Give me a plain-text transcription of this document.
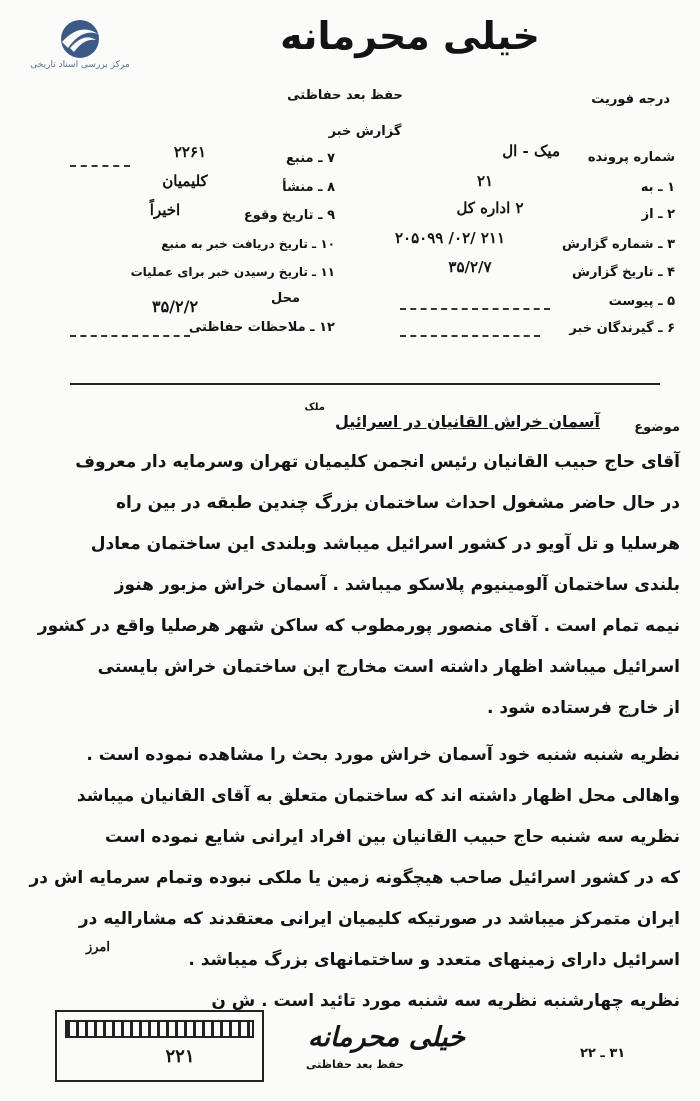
مرکز بررسی اسناد تاریخی
خیلی محرمانه
درجه فوریت
حفظ بعد حفاظتی
گزارش خبر
شماره پرونده
میک - ال
۱ ـ به
۲۱
۲ ـ از
۲ اداره کل
۳ ـ شماره گزارش
۲۰۵۰۹۹ /۰۲/ ۲۱۱
۴ ـ تاریخ گزارش
۳۵/۲/۷
۵ ـ پیوست
۶ ـ گیرندگان خبر
۷ ـ منبع
۲۲۶۱
۸ ـ منشأ
کلیمیان
۹ ـ تاریخ وقوع
اخیراً
۱۰ ـ تاریخ دریافت خبر به منبع
۱۱ ـ تاریخ رسیدن خبر برای عملیات
محل
۳۵/۲/۲
۱۲ ـ ملاحظات حفاظتی
موضوع
آسمان خراش القانیان در اسرائیل
ملک
آقای حاج حبیب القانیان رئیس انجمن کلیمیان تهران وسرمایه دار معروف
در حال حاضر مشغول احداث ساختمان بزرگ چندین طبقه در بین راه
هرسلیا و تل آویو در کشور اسرائیل میباشد وبلندی این ساختمان معادل
بلندی ساختمان آلومینیوم پلاسکو میباشد . آسمان خراش مزبور هنوز
نیمه تمام است . آقای منصور پورمطوب که ساکن شهر هرصلیا واقع در کشور
اسرائیل میباشد اظهار داشته است مخارج این ساختمان خراش بایستی
از خارج فرستاده شود .
نظریه شنبه شنبه خود آسمان خراش مورد بحث را مشاهده نموده است .
واهالی محل اظهار داشته اند که ساختمان متعلق به آقای القانیان میباشد
نظریه سه شنبه حاج حبیب القانیان بین افراد ایرانی شایع نموده است
که در کشور اسرائیل صاحب هیچگونه زمین یا ملکی نبوده وتمام سرمایه اش در
ایران متمرکز میباشد در صورتیکه کلیمیان ایرانی معتقدند که مشارالیه در
اسرائیل دارای زمینهای متعدد و ساختمانهای بزرگ میباشد .
نظریه چهارشنبه نظریه سه شنبه مورد تائید است . ش ن
امرز
۲۲۱
خیلی محرمانه
حفظ بعد حفاظتی
۳۱ ـ ۲۲
